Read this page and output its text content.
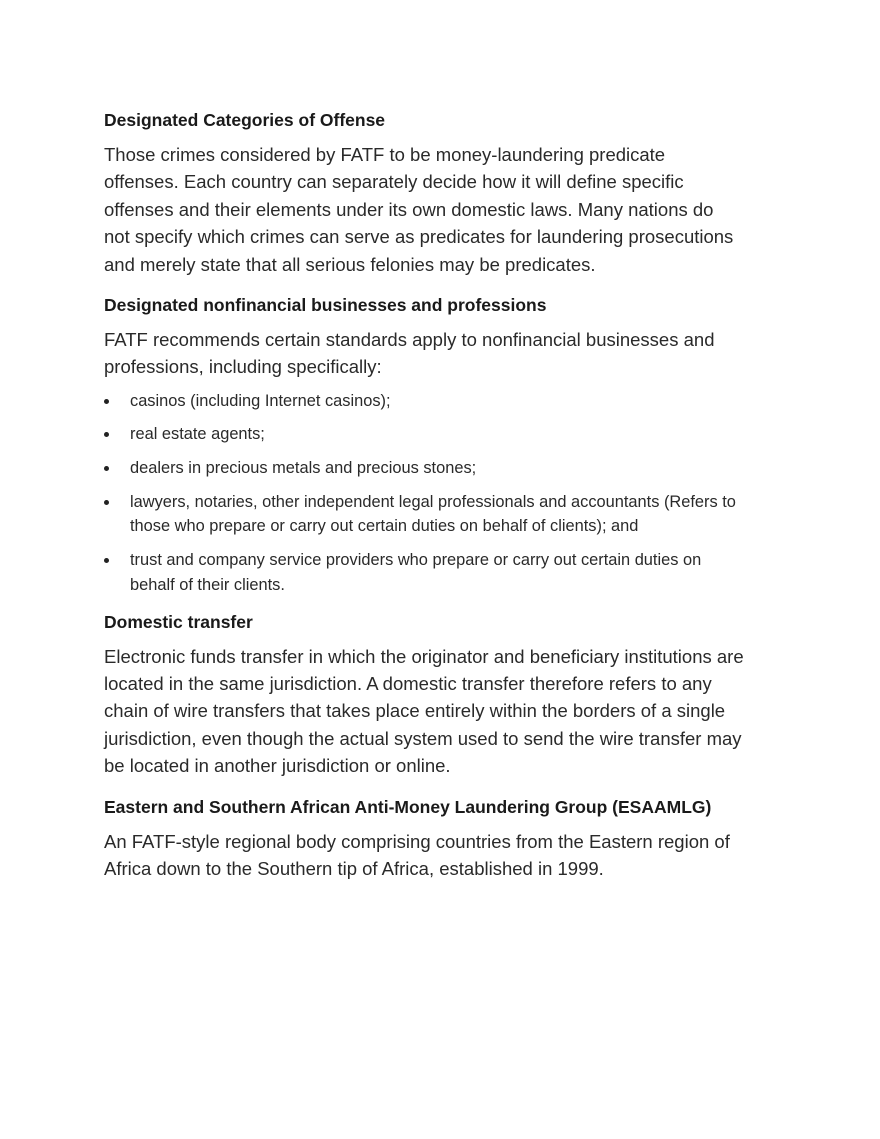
Designated Categories of Offense

Those crimes considered by FATF to be money-laundering predicate offenses. Each country can separately decide how it will define specific offenses and their elements under its own domestic laws. Many nations do not specify which crimes can serve as predicates for laundering prosecutions and merely state that all serious felonies may be predicates.

Designated nonfinancial businesses and professions

FATF recommends certain standards apply to nonfinancial businesses and professions, including specifically:

casinos (including Internet casinos);
real estate agents;
dealers in precious metals and precious stones;
lawyers, notaries, other independent legal professionals and accountants (Refers to those who prepare or carry out certain duties on behalf of clients); and
trust and company service providers who prepare or carry out certain duties on behalf of their clients.
Domestic transfer

Electronic funds transfer in which the originator and beneficiary institutions are located in the same jurisdiction. A domestic transfer therefore refers to any chain of wire transfers that takes place entirely within the borders of a single jurisdiction, even though the actual system used to send the wire transfer may be located in another jurisdiction or online.

Eastern and Southern African Anti-Money Laundering Group (ESAAMLG)

An FATF-style regional body comprising countries from the Eastern region of Africa down to the Southern tip of Africa, established in 1999.
